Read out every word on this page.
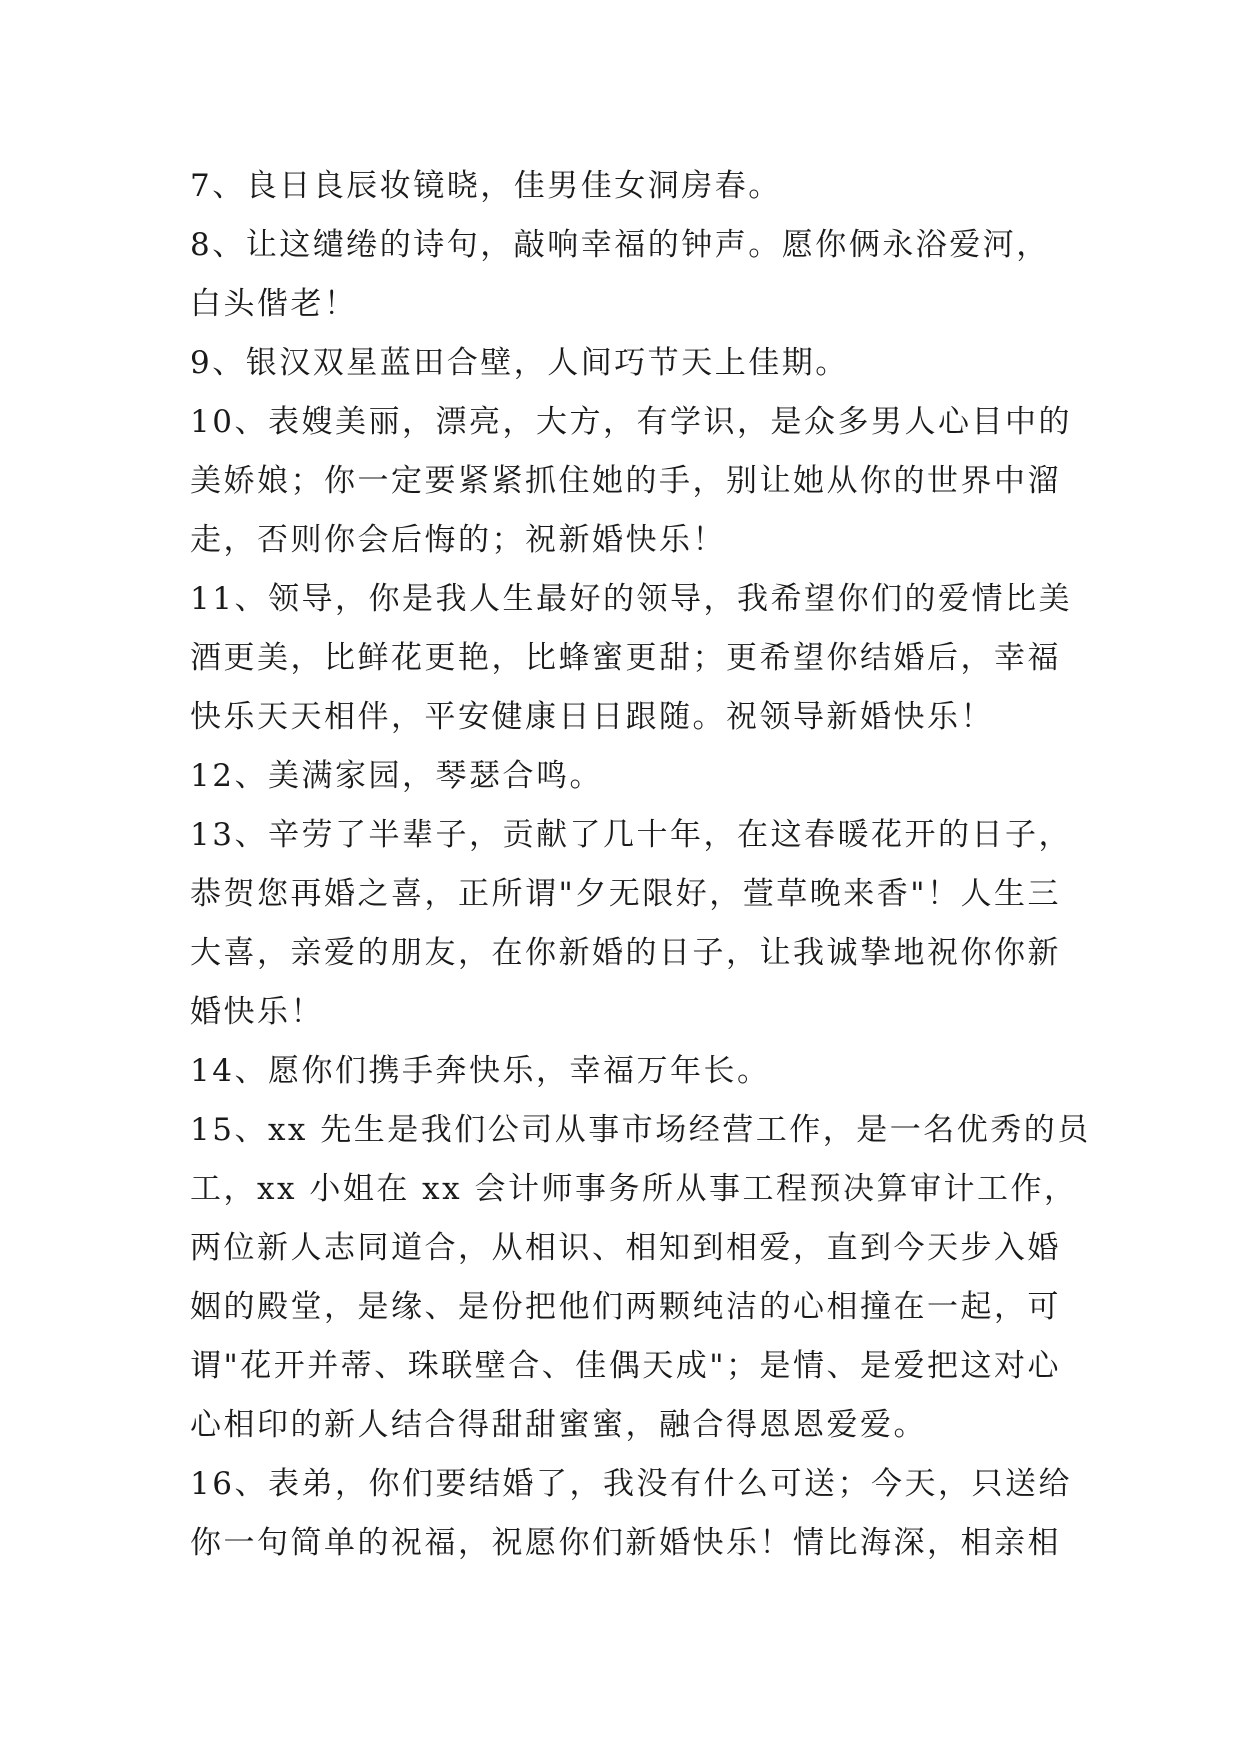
7、良日良辰妆镜晓，佳男佳女洞房春。
8、让这缱绻的诗句，敲响幸福的钟声。愿你俩永浴爱河，
白头偕老！
9、银汉双星蓝田合壁，人间巧节天上佳期。
10、表嫂美丽，漂亮，大方，有学识，是众多男人心目中的
美娇娘；你一定要紧紧抓住她的手，别让她从你的世界中溜
走，否则你会后悔的；祝新婚快乐！
11、领导，你是我人生最好的领导，我希望你们的爱情比美
酒更美，比鲜花更艳，比蜂蜜更甜；更希望你结婚后，幸福
快乐天天相伴，平安健康日日跟随。祝领导新婚快乐！
12、美满家园，琴瑟合鸣。
13、辛劳了半辈子，贡献了几十年，在这春暖花开的日子，
恭贺您再婚之喜，正所谓"夕无限好，萱草晚来香"！人生三
大喜，亲爱的朋友，在你新婚的日子，让我诚挚地祝你你新
婚快乐！
14、愿你们携手奔快乐，幸福万年长。
15、xx 先生是我们公司从事市场经营工作，是一名优秀的员
工，xx 小姐在 xx 会计师事务所从事工程预决算审计工作，
两位新人志同道合，从相识、相知到相爱，直到今天步入婚
姻的殿堂，是缘、是份把他们两颗纯洁的心相撞在一起，可
谓"花开并蒂、珠联壁合、佳偶天成"；是情、是爱把这对心
心相印的新人结合得甜甜蜜蜜，融合得恩恩爱爱。
16、表弟，你们要结婚了，我没有什么可送；今天，只送给
你一句简单的祝福，祝愿你们新婚快乐！情比海深，相亲相
